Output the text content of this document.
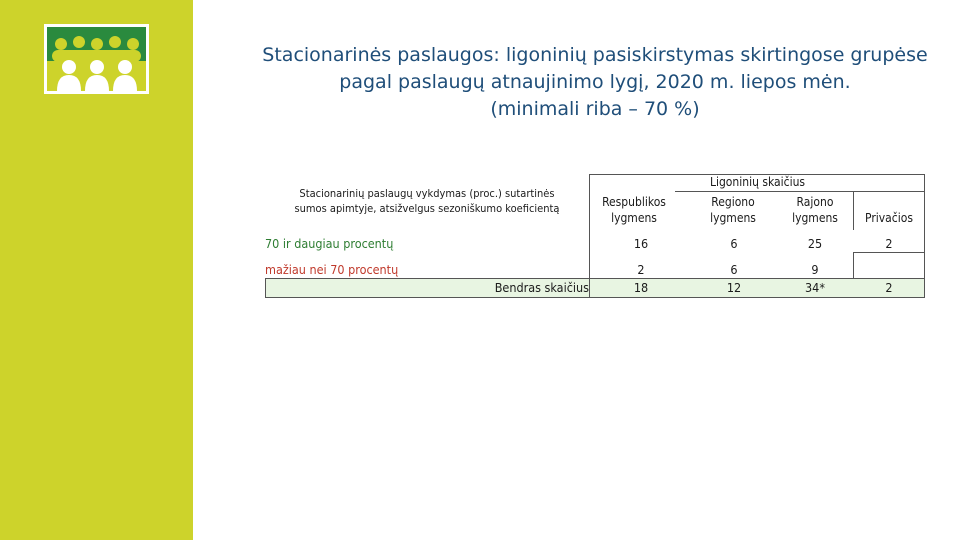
Stacionarinės paslaugos: ligoninių pasiskirstymas skirtingose grupėse
pagal paslaugų atnaujinimo lygį, 2020 m. liepos mėn.
(minimali riba – 70 %)
Stacionarinių paslaugų vykdymas (proc.) sutartinės
sumos apimtyje, atsižvelgus sezoniškumo koeficientą
Ligoninių skaičius
Respublikos
lygmens
Regiono
lygmens
Rajono
lygmens
	Privačios
70 ir daugiau procentų	16	6	25	2
mažiau nei 70 procentų	2	6	9
Bendras skaičius	18	12	34*	2
